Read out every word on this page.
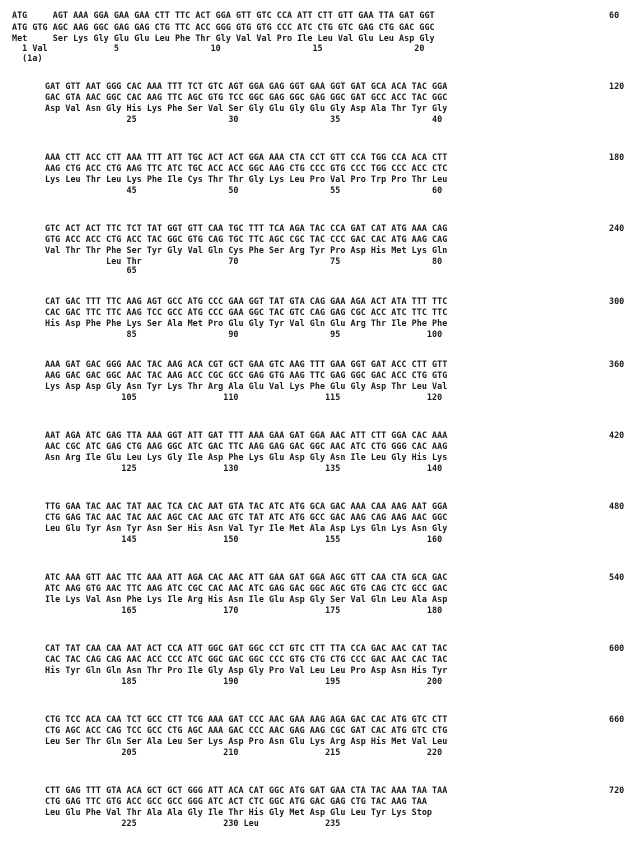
ATG     AGT AAA GGA GAA GAA CTT TTC ACT GGA GTT GTC CCA ATT CTT GTT GAA TTA GAT GGT
ATG GTG AGC AAG GGC GAG GAG CTG TTC ACC GGG GTG GTG CCC ATC CTG GTC GAG CTG GAC GGC
Met     Ser Lys Gly Glu Glu Leu Phe Thr Gly Val Val Pro Ile Leu Val Glu Leu Asp Gly
1 Val             5                  10                  15                  20
(1a)
60
GAT GTT AAT GGG CAC AAA TTT TCT GTC AGT GGA GAG GGT GAA GGT GAT GCA ACA TAC GGA
GAC GTA AAC GGC CAC AAG TTC AGC GTG TCC GGC GAG GGC GAG GGC GAT GCC ACC TAC GGC
Asp Val Asn Gly His Lys Phe Ser Val Ser Gly Glu Gly Glu Gly Asp Ala Thr Tyr Gly
25                  30                  35                  40
120
AAA CTT ACC CTT AAA TTT ATT TGC ACT ACT GGA AAA CTA CCT GTT CCA TGG CCA ACA CTT
AAG CTG ACC CTG AAG TTC ATC TGC ACC ACC GGC AAG CTG CCC GTG CCC TGG CCC ACC CTC
Lys Leu Thr Leu Lys Phe Ile Cys Thr Thr Gly Lys Leu Pro Val Pro Trp Pro Thr Leu
45                  50                  55                  60
180
GTC ACT ACT TTC TCT TAT GGT GTT CAA TGC TTT TCA AGA TAC CCA GAT CAT ATG AAA CAG
GTG ACC ACC CTG ACC TAC GGC GTG CAG TGC TTC AGC CGC TAC CCC GAC CAC ATG AAG CAG
Val Thr Thr Phe Ser Tyr Gly Val Gln Cys Phe Ser Arg Tyr Pro Asp His Met Lys Gln
Leu Thr                 70                  75                  80
65
240
CAT GAC TTT TTC AAG AGT GCC ATG CCC GAA GGT TAT GTA CAG GAA AGA ACT ATA TTT TTC
CAC GAC TTC TTC AAG TCC GCC ATG CCC GAA GGC TAC GTC CAG GAG CGC ACC ATC TTC TTC
His Asp Phe Phe Lys Ser Ala Met Pro Glu Gly Tyr Val Gln Glu Arg Thr Ile Phe Phe
85                  90                  95                 100
300
AAA GAT GAC GGG AAC TAC AAG ACA CGT GCT GAA GTC AAG TTT GAA GGT GAT ACC CTT GTT
AAG GAC GAC GGC AAC TAC AAG ACC CGC GCC GAG GTG AAG TTC GAG GGC GAC ACC CTG GTG
Lys Asp Asp Gly Asn Tyr Lys Thr Arg Ala Glu Val Lys Phe Glu Gly Asp Thr Leu Val
105                 110                 115                 120
360
AAT AGA ATC GAG TTA AAA GGT ATT GAT TTT AAA GAA GAT GGA AAC ATT CTT GGA CAC AAA
AAC CGC ATC GAG CTG AAG GGC ATC GAC TTC AAG GAG GAC GGC AAC ATC CTG GGG CAC AAG
Asn Arg Ile Glu Leu Lys Gly Ile Asp Phe Lys Glu Asp Gly Asn Ile Leu Gly His Lys
125                 130                 135                 140
420
TTG GAA TAC AAC TAT AAC TCA CAC AAT GTA TAC ATC ATG GCA GAC AAA CAA AAG AAT GGA
CTG GAG TAC AAC TAC AAC AGC CAC AAC GTC TAT ATC ATG GCC GAC AAG CAG AAG AAC GGC
Leu Glu Tyr Asn Tyr Asn Ser His Asn Val Tyr Ile Met Ala Asp Lys Gln Lys Asn Gly
145                 150                 155                 160
480
ATC AAA GTT AAC TTC AAA ATT AGA CAC AAC ATT GAA GAT GGA AGC GTT CAA CTA GCA GAC
ATC AAG GTG AAC TTC AAG ATC CGC CAC AAC ATC GAG GAC GGC AGC GTG CAG CTC GCC GAC
Ile Lys Val Asn Phe Lys Ile Arg His Asn Ile Glu Asp Gly Ser Val Gln Leu Ala Asp
165                 170                 175                 180
540
CAT TAT CAA CAA AAT ACT CCA ATT GGC GAT GGC CCT GTC CTT TTA CCA GAC AAC CAT TAC
CAC TAC CAG CAG AAC ACC CCC ATC GGC GAC GGC CCC GTG CTG CTG CCC GAC AAC CAC TAC
His Tyr Gln Gln Asn Thr Pro Ile Gly Asp Gly Pro Val Leu Leu Pro Asp Asn His Tyr
185                 190                 195                 200
600
CTG TCC ACA CAA TCT GCC CTT TCG AAA GAT CCC AAC GAA AAG AGA GAC CAC ATG GTC CTT
CTG AGC ACC CAG TCC GCC CTG AGC AAA GAC CCC AAC GAG AAG CGC GAT CAC ATG GTC CTG
Leu Ser Thr Gln Ser Ala Leu Ser Lys Asp Pro Asn Glu Lys Arg Asp His Met Val Leu
205                 210                 215                 220
660
CTT GAG TTT GTA ACA GCT GCT GGG ATT ACA CAT GGC ATG GAT GAA CTA TAC AAA TAA TAA
CTG GAG TTC GTG ACC GCC GCC GGG ATC ACT CTC GGC ATG GAC GAG CTG TAC AAG TAA
Leu Glu Phe Val Thr Ala Ala Gly Ile Thr His Gly Met Asp Glu Leu Tyr Lys Stop
225                 230 Leu             235
720
